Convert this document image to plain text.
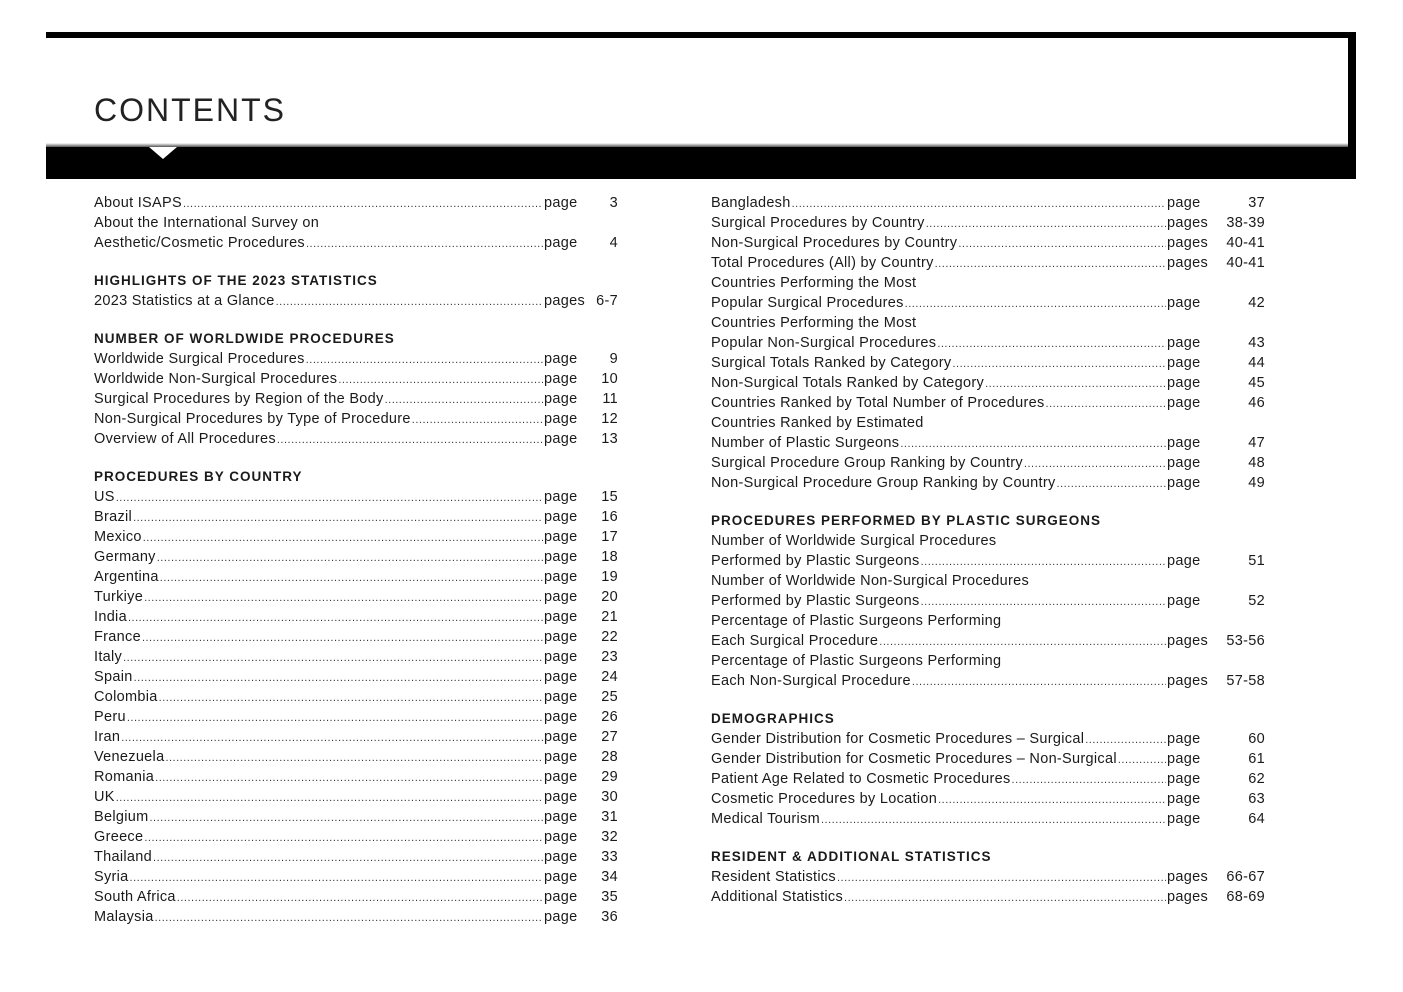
CONTENTS
About ISAPS .....	page	3
About the International Survey on
Aesthetic/Cosmetic Procedures .....	page	4
HIGHLIGHTS OF THE 2023 STATISTICS
2023 Statistics at a Glance .....	pages 6-7
NUMBER OF WORLDWIDE PROCEDURES
Worldwide Surgical Procedures .....	page	9
Worldwide Non-Surgical Procedures .....	page	10
Surgical Procedures by Region of the Body .....	page	11
Non-Surgical Procedures by Type of Procedure .....	page	12
Overview of All Procedures .....	page	13
PROCEDURES BY COUNTRY
US .....	page	15
Brazil .....	page	16
Mexico .....	page	17
Germany .....	page	18
Argentina .....	page	19
Turkiye .....	page	20
India .....	page	21
France .....	page	22
Italy .....	page	23
Spain .....	page	24
Colombia .....	page	25
Peru .....	page	26
Iran .....	page	27
Venezuela .....	page	28
Romania .....	page	29
UK .....	page	30
Belgium .....	page	31
Greece .....	page	32
Thailand .....	page	33
Syria .....	page	34
South Africa .....	page	35
Malaysia .....	page	36
Bangladesh .....	page	37
Surgical Procedures by Country .....	pages	38-39
Non-Surgical Procedures by Country .....	pages	40-41
Total Procedures (All) by Country .....	pages	40-41
Countries Performing the Most
Popular Surgical Procedures .....	page	42
Countries Performing the Most
Popular Non-Surgical Procedures .....	page	43
Surgical Totals Ranked by Category .....	page	44
Non-Surgical Totals Ranked by Category .....	page	45
Countries Ranked by Total Number of Procedures .....	page	46
Countries Ranked by Estimated
Number of Plastic Surgeons .....	page	47
Surgical Procedure Group Ranking by Country .....	page	48
Non-Surgical Procedure Group Ranking by Country .....	page	49
PROCEDURES PERFORMED BY PLASTIC SURGEONS
Number of Worldwide Surgical Procedures
Performed by Plastic Surgeons .....	page	51
Number of Worldwide Non-Surgical Procedures
Performed by Plastic Surgeons .....	page	52
Percentage of Plastic Surgeons Performing
Each Surgical Procedure .....	pages	53-56
Percentage of Plastic Surgeons Performing
Each Non-Surgical Procedure .....	pages	57-58
DEMOGRAPHICS
Gender Distribution for Cosmetic Procedures – Surgical .....	page	60
Gender Distribution for Cosmetic Procedures – Non-Surgical .....	page	61
Patient Age Related to Cosmetic Procedures .....	page	62
Cosmetic Procedures by Location .....	page	63
Medical Tourism .....	page	64
RESIDENT & ADDITIONAL STATISTICS
Resident Statistics .....	pages	66-67
Additional Statistics .....	pages	68-69
